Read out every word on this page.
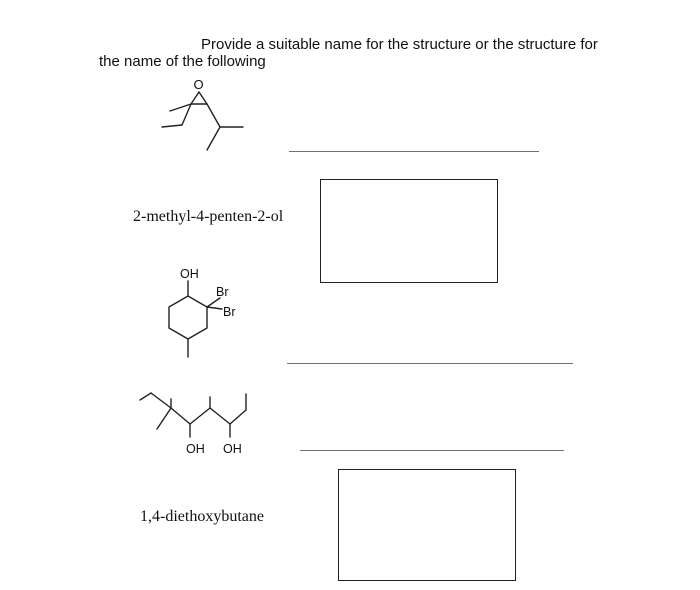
Provide a suitable name for the structure or the structure for
the name of the following
O
2-methyl-4-penten-2-ol
OH
Br
Br
OH OH
1,4-diethoxybutane
